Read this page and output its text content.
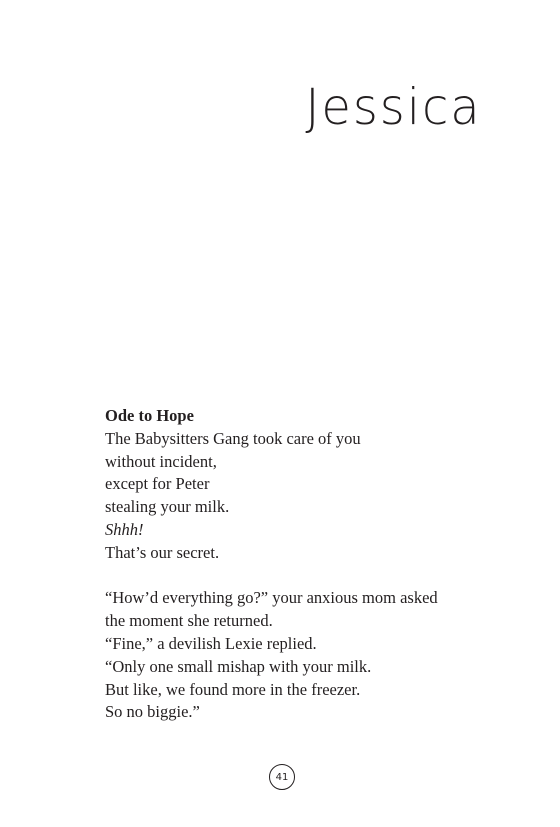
Jessica
Ode to Hope
The Babysitters Gang took care of you
without incident,
except for Peter
stealing your milk.
Shhh!
That’s our secret.
“How’d everything go?” your anxious mom asked
the moment she returned.
“Fine,” a devilish Lexie replied.
“Only one small mishap with your milk.
But like, we found more in the freezer.
So no biggie.”
41
